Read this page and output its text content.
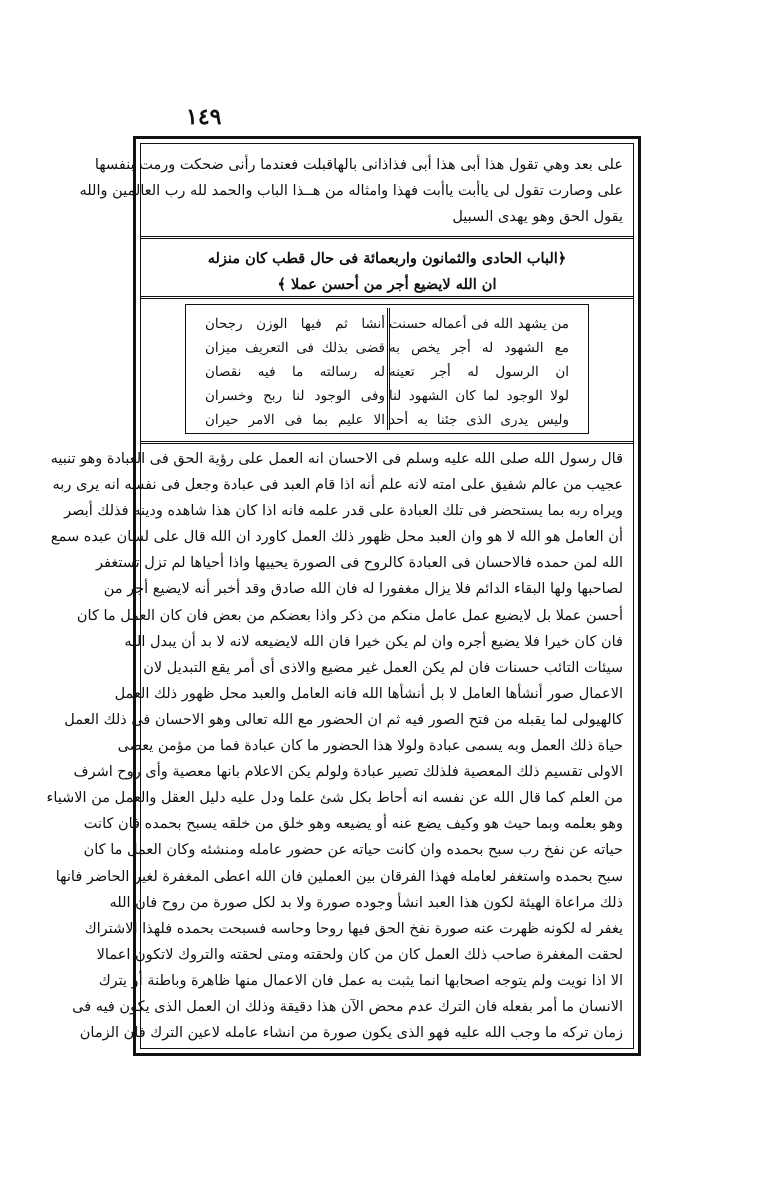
١٤٩
على بعد وهي تقول هذا أبى هذا أبى فذاذانى بالهاقبلت فعندما رأنى ضحكت ورمت بنفسها
على وصارت تقول لى ياأبت ياأبت فهذا وامثاله من هــذا الباب والحمد لله رب العالمين والله
يقول الحق وهو يهدى السبيل
﴿الباب الحادى والثمانون واربعمائة فى حال قطب كان منزله
ان الله لايضيع أجر من أحسن عملا ﴾
من يشهد الله فى أعماله حسنت
مع الشهود له أجر يخص به
ان الرسول له أجر تعينه
لولا الوجود لما كان الشهود لنا
وليس يدرى الذى جئنا به أحد
أنشا ثم فيها الوزن رجحان
قضى بذلك فى التعريف ميزان
له رسالته ما فيه نقصان
وفى الوجود لنا ربح وخسران
الا عليم بما فى الامر حيران
قال رسول الله صلى الله عليه وسلم فى الاحسان انه العمل على رؤية الحق فى العبادة وهو تنبيه
عجيب من عالم شفيق على امته لانه علم أنه اذا قام العبد فى عبادة وجعل فى نفسه انه يرى ربه
ويراه ربه بما يستحضر فى تلك العبادة على قدر علمه فانه اذا كان هذا شاهده ودينه فذلك أبصر
أن العامل هو الله لا هو وان العبد محل ظهور ذلك العمل كاورد ان الله قال على لسان عبده سمع
الله لمن حمده فالاحسان فى العبادة كالروح فى الصورة يحييها واذا أحياها لم تزل تستغفر
لصاحبها ولها البقاء الدائم فلا يزال مغفورا له فان الله صادق وقد أخبر أنه لايضيع أجر من
أحسن عملا بل لايضيع عمل عامل منكم من ذكر واذا بعضكم من بعض فان كان العمل ما كان
فان كان خيرا فلا يضيع أجره وان لم يكن خيرا فان الله لايضيعه لانه لا بد أن يبدل الله
سيئات التائب حسنات فان لم يكن العمل غير مضيع والاذى أى أمر يقع التبديل لان
الاعمال صور أنشأها العامل لا بل أنشأها الله فانه العامل والعبد محل ظهور ذلك العمل
كالهيولى لما يقبله من فتح الصور فيه ثم ان الحضور مع الله تعالى وهو الاحسان فى ذلك العمل
حياة ذلك العمل وبه يسمى عبادة ولولا هذا الحضور ما كان عبادة فما من مؤمن يعصى
الاولى تقسيم ذلك المعصية فلذلك تصير عبادة ولولم يكن الاعلام بانها معصية وأى روح اشرف
من العلم كما قال الله عن نفسه انه أحاط بكل شئ علما ودل عليه دليل العقل والعمل من الاشياء
وهو بعلمه وبما حيث هو وكيف يضع عنه أو يضيعه وهو خلق من خلقه يسبح بحمده فان كانت
حياته عن نفخ رب سبح بحمده وان كانت حياته عن حضور عامله ومنشئه وكان العمل ما كان
سبح بحمده واستغفر لعامله فهذا الفرقان بين العملين فان الله اعطى المغفرة لغير الحاضر فانها
ذلك مراعاة الهيئة لكون هذا العبد انشأ وجوده صورة ولا بد لكل صورة من روح فان الله
يغفر له لكونه ظهرت عنه صورة نفخ الحق فيها روحا وحاسه فسبحت بحمده فلهذا الاشتراك
لحقت المغفرة صاحب ذلك العمل كان من كان ولحقته ومتى لحقته والتروك لاتكون اعمالا
الا اذا نويت ولم يتوجه اصحابها انما يثبت به عمل فان الاعمال منها ظاهرة وباطنة أو يترك
الانسان ما أمر بفعله فان الترك عدم محض الآن هذا دقيقة وذلك ان العمل الذى يكون فيه فى
زمان تركه ما وجب الله عليه فهو الذى يكون صورة من انشاء عامله لاعين الترك فان الزمان
